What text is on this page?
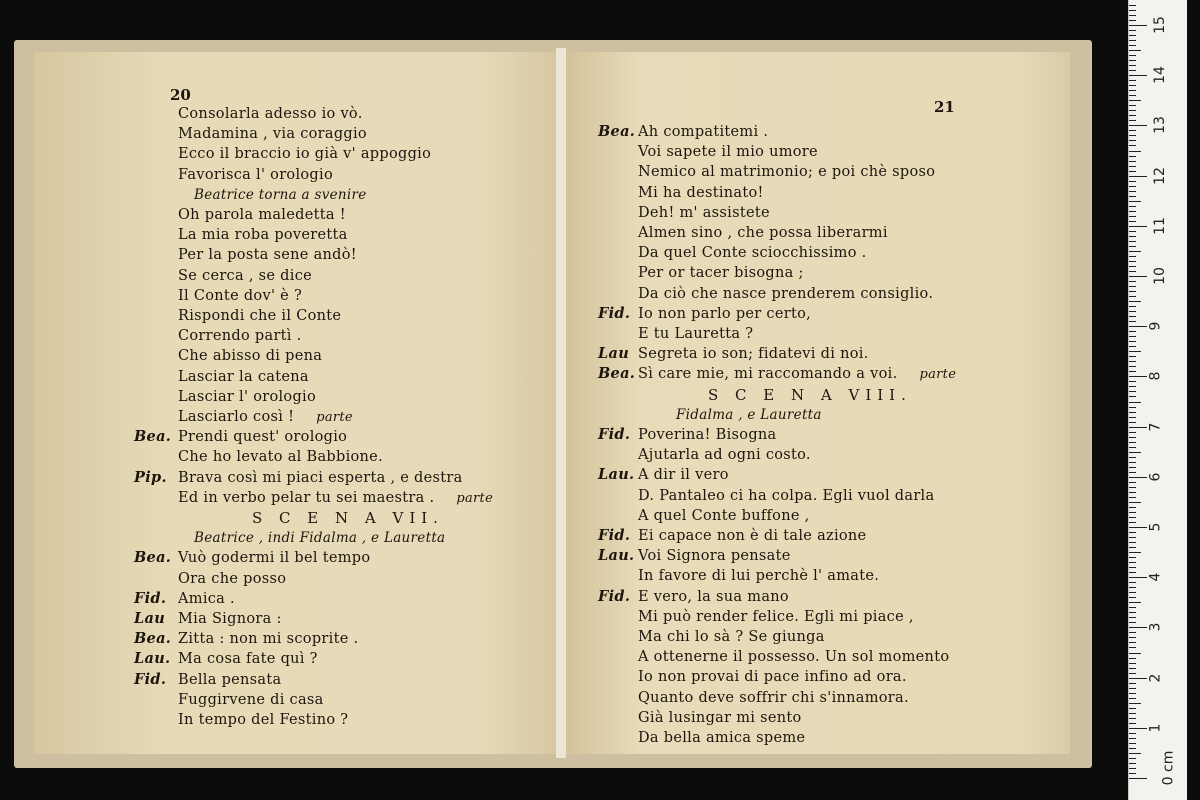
20
Consolarla adesso io vò.
Madamina , via coraggio
Ecco il braccio io già v' appoggio
Favorisca l' orologio
Beatrice torna a svenire
Oh parola maledetta !
La mia roba poveretta
Per la posta sene andò!
Se cerca , se dice
Il Conte dov' è ?
Rispondi che il Conte
Correndo partì .
Che abisso di pena
Lasciar la catena
Lasciar l' orologio
Lasciarlo così ! parte
Bea. Prendi quest' orologio
Che ho levato al Babbione.
Pip. Brava così mi piaci esperta , e destra
Ed in verbo pelar tu sei maestra . parte
S C E N A VII.
Beatrice , indi Fidalma , e Lauretta
Bea. Vuò godermi il bel tempo
Ora che posso
Fid. Amica .
Lau Mia Signora :
Bea. Zitta : non mi scoprite .
Lau. Ma cosa fate quì ?
Fid. Bella pensata
Fuggirvene di casa
In tempo del Festino ?
21
Bea. Ah compatitemi .
Voi sapete il mio umore
Nemico al matrimonio; e poi chè sposo
Mi ha destinato!
Deh! m' assistete
Almen sino , che possa liberarmi
Da quel Conte sciocchissimo .
Per or tacer bisogna ;
Da ciò che nasce prenderem consiglio.
Fid. Io non parlo per certo,
E tu Lauretta ?
Lau Segreta io son; fidatevi di noi.
Bea. Sì care mie, mi raccomando a voi. parte
S C E N A VIII.
Fidalma , e Lauretta
Fid. Poverina! Bisogna
Ajutarla ad ogni costo.
Lau. A dir il vero
D. Pantaleo ci ha colpa. Egli vuol darla
A quel Conte buffone ,
Fid. Ei capace non è di tale azione
Lau. Voi Signora pensate
In favore di lui perchè l' amate.
Fid. E vero, la sua mano
Mi può render felice. Egli mi piace ,
Ma chi lo sà ? Se giunga
A ottenerne il possesso. Un sol momento
Io non provai di pace infino ad ora.
Quanto deve soffrir chi s'innamora.
Già lusingar mi sento
Da bella amica speme
1
2
3
4
5
6
7
8
9
10
11
12
13
14
15
0 cm
